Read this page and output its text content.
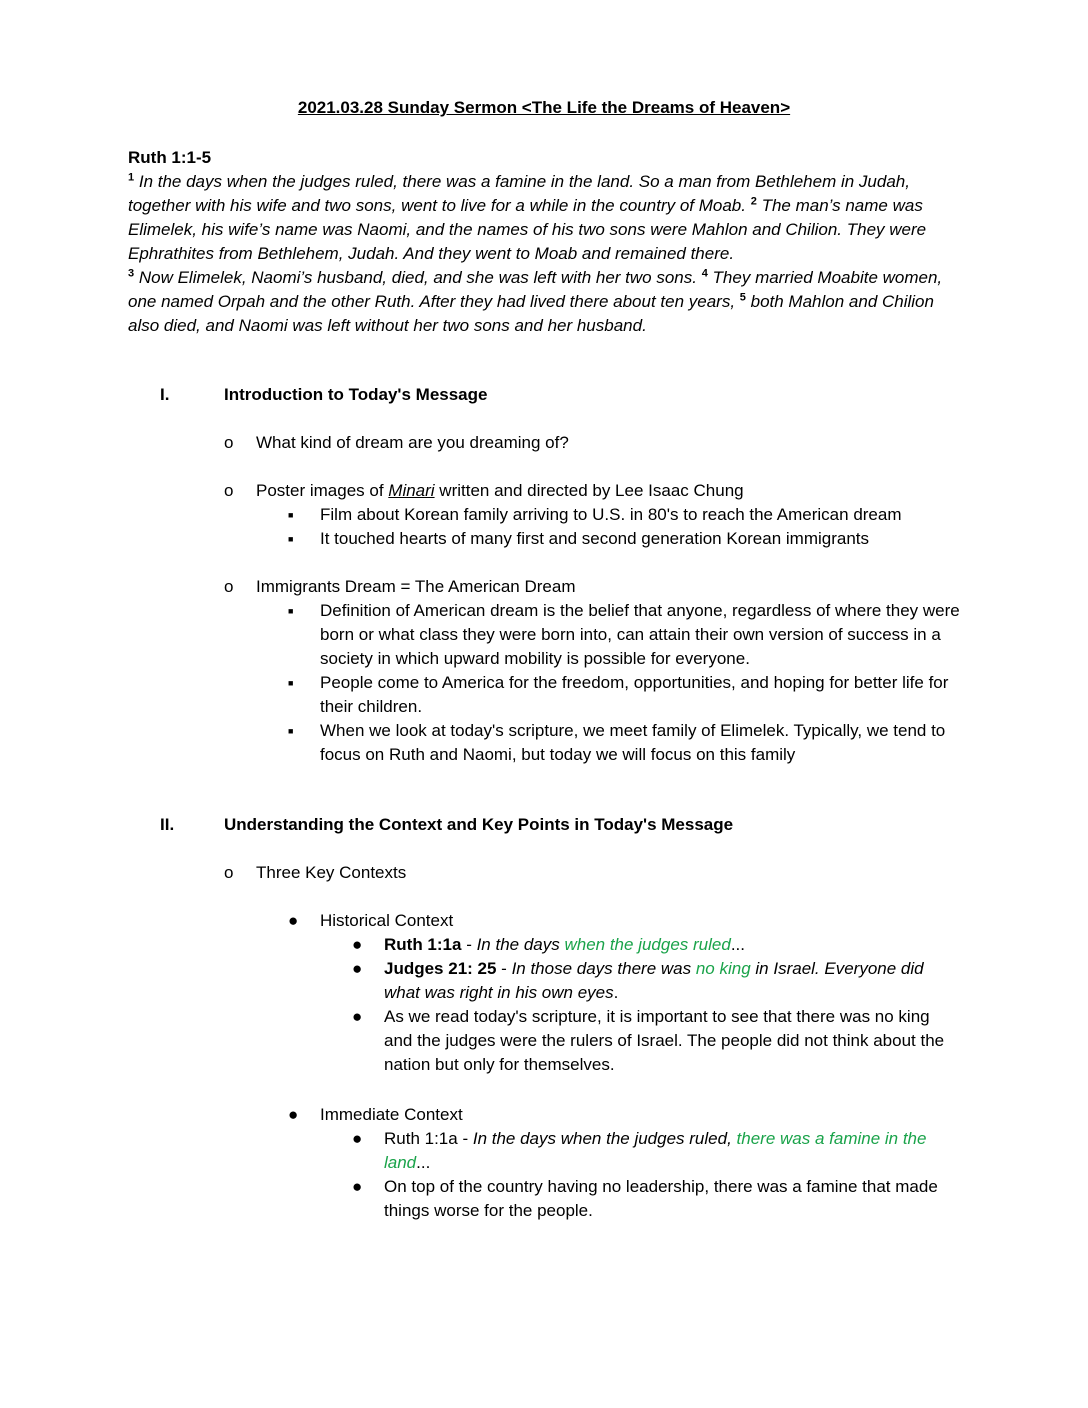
2021.03.28 Sunday Sermon <The Life the Dreams of Heaven>
Ruth 1:1-5
$^1$ In the days when the judges ruled, there was a famine in the land. So a man from Bethlehem in Judah, together with his wife and two sons, went to live for a while in the country of Moab. $^2$ The man’s name was Elimelek, his wife’s name was Naomi, and the names of his two sons were Mahlon and Chilion. They were Ephrathites from Bethlehem, Judah. And they went to Moab and remained there.
$^3$ Now Elimelek, Naomi’s husband, died, and she was left with her two sons. $^4$ They married Moabite women, one named Orpah and the other Ruth. After they had lived there about ten years, $^5$ both Mahlon and Chilion also died, and Naomi was left without her two sons and her husband.
I.	Introduction to Today's Message
o What kind of dream are you dreaming of?
o Poster images of Minari written and directed by Lee Isaac Chung
■ Film about Korean family arriving to U.S. in 80's to reach the American dream
■ It touched hearts of many first and second generation Korean immigrants
o Immigrants Dream = The American Dream
■ Definition of American dream is the belief that anyone, regardless of where they were born or what class they were born into, can attain their own version of success in a society in which upward mobility is possible for everyone.
■ People come to America for the freedom, opportunities, and hoping for better life for their children.
■ When we look at today's scripture, we meet family of Elimelek. Typically, we tend to focus on Ruth and Naomi, but today we will focus on this family
II.	Understanding the Context and Key Points in Today's Message
o Three Key Contexts
● Historical Context
● Ruth 1:1a - In the days when the judges ruled...
● Judges 21: 25 - In those days there was no king in Israel. Everyone did what was right in his own eyes.
● As we read today's scripture, it is important to see that there was no king and the judges were the rulers of Israel. The people did not think about the nation but only for themselves.
● Immediate Context
● Ruth 1:1a - In the days when the judges ruled, there was a famine in the land...
● On top of the country having no leadership, there was a famine that made things worse for the people.
